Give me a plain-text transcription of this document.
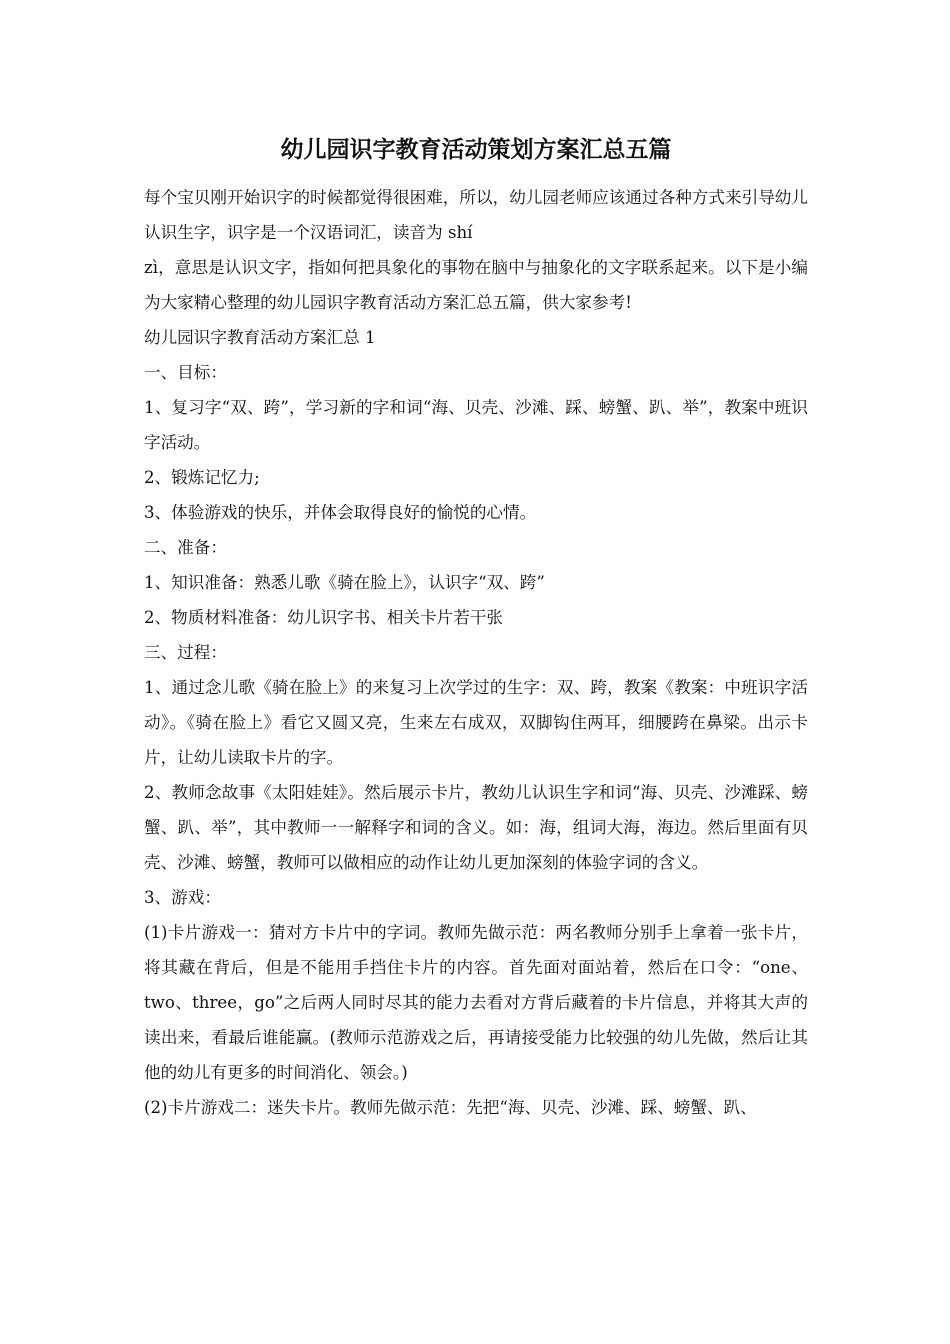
幼儿园识字教育活动策划方案汇总五篇

每个宝贝刚开始识字的时候都觉得很困难，所以，幼儿园老师应该通过各种方式来引导幼儿认识生字，识字是一个汉语词汇，读音为 shí

zì，意思是认识文字，指如何把具象化的事物在脑中与抽象化的文字联系起来。以下是小编为大家精心整理的幼儿园识字教育活动方案汇总五篇，供大家参考!

幼儿园识字教育活动方案汇总 1

一、目标：

1、复习字“双、跨”，学习新的字和词“海、贝壳、沙滩、踩、螃蟹、趴、举”，教案中班识字活动。

2、锻炼记忆力;

3、体验游戏的快乐，并体会取得良好的愉悦的心情。

二、准备：

1、知识准备：熟悉儿歌《骑在脸上》，认识字“双、跨”

2、物质材料准备：幼儿识字书、相关卡片若干张

三、过程：

1、通过念儿歌《骑在脸上》的来复习上次学过的生字：双、跨，教案《教案：中班识字活动》。《骑在脸上》看它又圆又亮，生来左右成双，双脚钩住两耳，细腰跨在鼻梁。出示卡片，让幼儿读取卡片的字。

2、教师念故事《太阳娃娃》。然后展示卡片，教幼儿认识生字和词“海、贝壳、沙滩踩、螃蟹、趴、举”，其中教师一一解释字和词的含义。如：海，组词大海，海边。然后里面有贝壳、沙滩、螃蟹，教师可以做相应的动作让幼儿更加深刻的体验字词的含义。

3、游戏：

(1)卡片游戏一：猜对方卡片中的字词。教师先做示范：两名教师分别手上拿着一张卡片，将其藏在背后，但是不能用手挡住卡片的内容。首先面对面站着，然后在口令：“one、two、three，go”之后两人同时尽其的能力去看对方背后藏着的卡片信息，并将其大声的读出来，看最后谁能赢。(教师示范游戏之后，再请接受能力比较强的幼儿先做，然后让其他的幼儿有更多的时间消化、领会。)

(2)卡片游戏二：迷失卡片。教师先做示范：先把“海、贝壳、沙滩、踩、螃蟹、趴、
